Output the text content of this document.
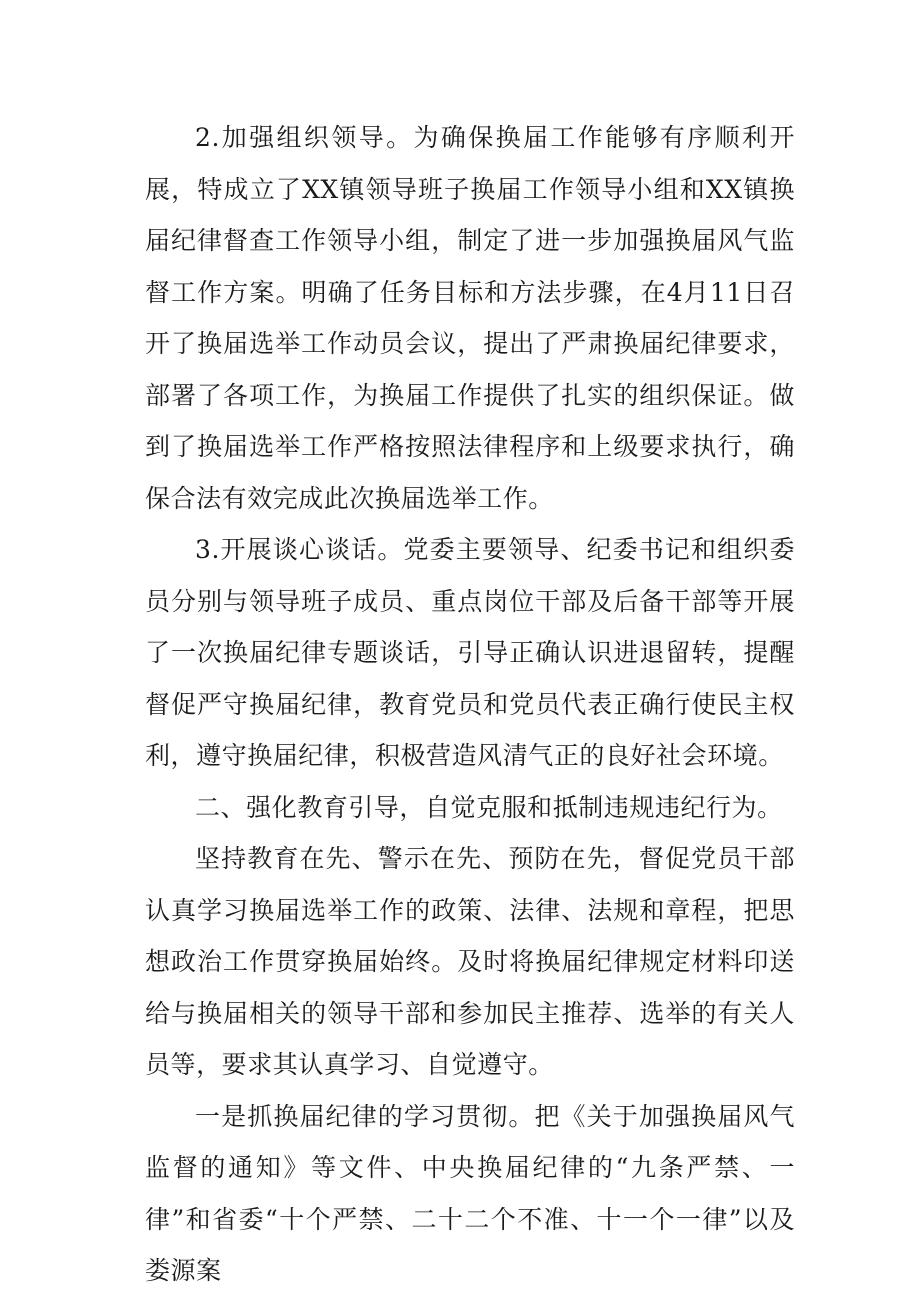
2.加强组织领导。为确保换届工作能够有序顺利开展，特成立了XX镇领导班子换届工作领导小组和XX镇换届纪律督查工作领导小组，制定了进一步加强换届风气监督工作方案。明确了任务目标和方法步骤，在4月11日召开了换届选举工作动员会议，提出了严肃换届纪律要求，部署了各项工作，为换届工作提供了扎实的组织保证。做到了换届选举工作严格按照法律程序和上级要求执行，确保合法有效完成此次换届选举工作。

3.开展谈心谈话。党委主要领导、纪委书记和组织委员分别与领导班子成员、重点岗位干部及后备干部等开展了一次换届纪律专题谈话，引导正确认识进退留转，提醒督促严守换届纪律，教育党员和党员代表正确行使民主权利，遵守换届纪律，积极营造风清气正的良好社会环境。

二、强化教育引导，自觉克服和抵制违规违纪行为。

坚持教育在先、警示在先、预防在先，督促党员干部认真学习换届选举工作的政策、法律、法规和章程，把思想政治工作贯穿换届始终。及时将换届纪律规定材料印送给与换届相关的领导干部和参加民主推荐、选举的有关人员等，要求其认真学习、自觉遵守。

一是抓换届纪律的学习贯彻。把《关于加强换届风气监督的通知》等文件、中央换届纪律的“九条严禁、一律”和省委“十个严禁、二十二个不准、十一个一律”以及娄源案
